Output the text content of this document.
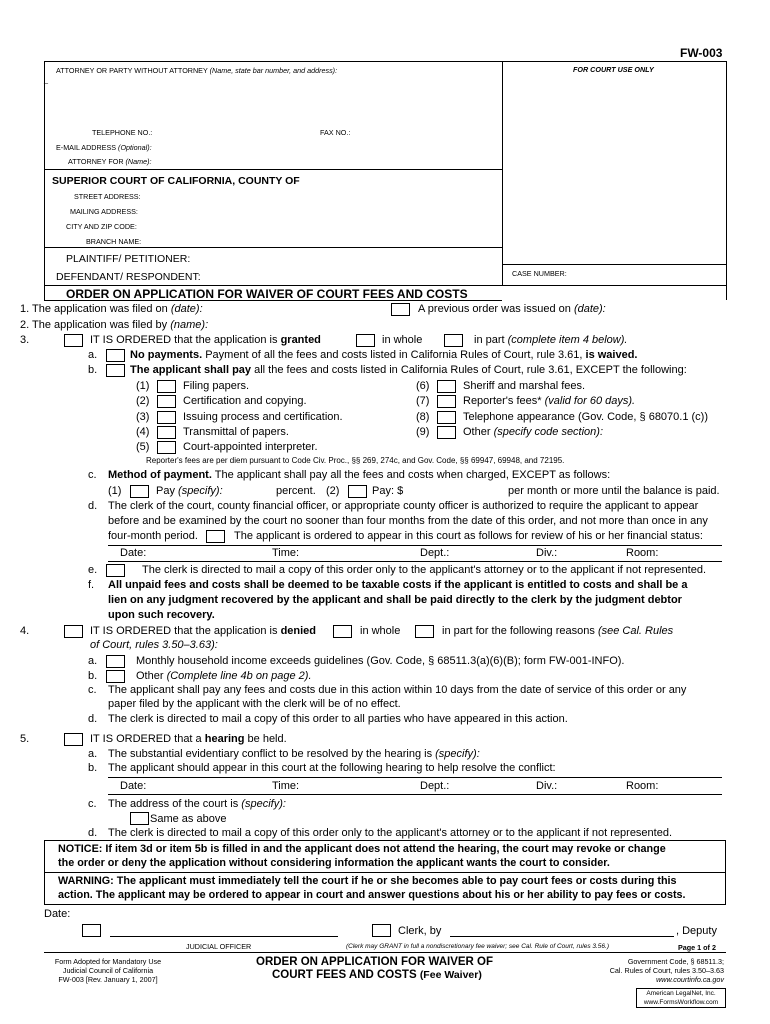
FW-003
ATTORNEY OR PARTY WITHOUT ATTORNEY (Name, state bar number, and address):	FOR COURT USE ONLY
_
TELEPHONE NO.:	FAX NO.:
E-MAIL ADDRESS (Optional):
ATTORNEY FOR (Name):
SUPERIOR COURT OF CALIFORNIA, COUNTY OF
STREET ADDRESS:
MAILING ADDRESS:
CITY AND ZIP CODE:
BRANCH NAME:
PLAINTIFF/ PETITIONER:
DEFENDANT/ RESPONDENT:	CASE NUMBER:
ORDER ON APPLICATION FOR WAIVER OF COURT FEES AND COSTS
1. The application was filed on (date):	A previous order was issued on (date):
2. The application was filed by (name):
3.	IT IS ORDERED that the application is granted	in whole	in part (complete item 4 below).
a.	No payments. Payment of all the fees and costs listed in California Rules of Court, rule 3.61, is waived.
b.	The applicant shall pay all the fees and costs listed in California Rules of Court, rule 3.61, EXCEPT the following:
(1)	Filing papers.
(2)	Certification and copying.
(3)	Issuing process and certification.
(4)	Transmittal of papers.
(5)	Court-appointed interpreter.
(6)	Sheriff and marshal fees.
(7)	Reporter's fees* (valid for 60 days).
(8)	Telephone appearance (Gov. Code, § 68070.1 (c))
(9)	Other (specify code section):
Reporter's fees are per diem pursuant to Code Civ. Proc., §§ 269, 274c, and Gov. Code, §§ 69947, 69948, and 72195.
c. Method of payment. The applicant shall pay all the fees and costs when charged, EXCEPT as follows:
(1)	Pay (specify):	percent. (2)	Pay: $	per month or more until the balance is paid.
d. The clerk of the court, county financial officer, or appropriate county officer is authorized to require the applicant to appear
before and be examined by the court no sooner than four months from the date of this order, and not more than once in any
four-month period.	The applicant is ordered to appear in this court as follows for review of his or her financial status:
Date:	Time:	Dept.:	Div.:	Room:
e.	The clerk is directed to mail a copy of this order only to the applicant's attorney or to the applicant if not represented.
f. All unpaid fees and costs shall be deemed to be taxable costs if the applicant is entitled to costs and shall be a
lien on any judgment recovered by the applicant and shall be paid directly to the clerk by the judgment debtor
upon such recovery.
4.	IT IS ORDERED that the application is denied	in whole	in part for the following reasons (see Cal. Rules
of Court, rules 3.50–3.63):
a.	Monthly household income exceeds guidelines (Gov. Code, § 68511.3(a)(6)(B); form FW-001-INFO).
b.	Other (Complete line 4b on page 2).
c. The applicant shall pay any fees and costs due in this action within 10 days from the date of service of this order or any
paper filed by the applicant with the clerk will be of no effect.
d. The clerk is directed to mail a copy of this order to all parties who have appeared in this action.
5.	IT IS ORDERED that a hearing be held.
a. The substantial evidentiary conflict to be resolved by the hearing is (specify):
b. The applicant should appear in this court at the following hearing to help resolve the conflict:
Date:	Time:	Dept.:	Div.:	Room:
c. The address of the court is (specify):
Same as above
d. The clerk is directed to mail a copy of this order only to the applicant's attorney or to the applicant if not represented.
NOTICE: If item 3d or item 5b is filled in and the applicant does not attend the hearing, the court may revoke or change
the order or deny the application without considering information the applicant wants the court to consider.
WARNING: The applicant must immediately tell the court if he or she becomes able to pay court fees or costs during this
action. The applicant may be ordered to appear in court and answer questions about his or her ability to pay fees or costs.
Date:
Clerk, by	, Deputy
JUDICIAL OFFICER	(Clerk may GRANT in full a nondiscretionary fee waiver; see Cal. Rule of Court, rules 3.56.)	Page 1 of 2
Form Adopted for Mandatory Use
Judicial Council of California
FW-003 [Rev. January 1, 2007]
ORDER ON APPLICATION FOR WAIVER OF
COURT FEES AND COSTS (Fee Waiver)
Government Code, § 68511.3;
Cal. Rules of Court, rules 3.50–3.63
www.courtinfo.ca.gov
American LegalNet, Inc.
www.FormsWorkflow.com
